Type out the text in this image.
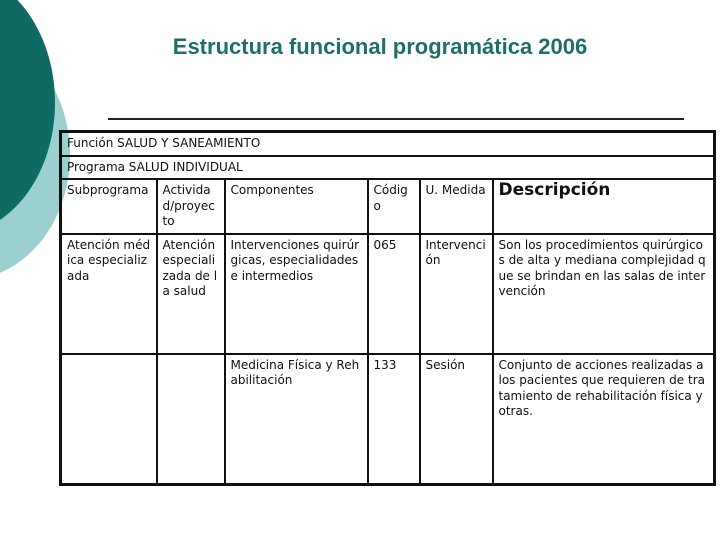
Estructura funcional programática 2006
Función SALUD Y SANEAMIENTO					
Programa SALUD INDIVIDUAL					
Subprograma	Actividad/proyecto	Componentes	Código	U. Medida	Descripción
Atención médica especializada	Atención especializada de la salud	Intervenciones quirúrgicas, especialidades e intermedios	065	Intervención	Son los procedimientos quirúrgicos de alta y mediana complejidad que se brindan en las salas de intervención
		Medicina Física y Rehabilitación	133	Sesión	Conjunto de acciones realizadas a los pacientes que requieren de tratamiento de rehabilitación física y otras.
